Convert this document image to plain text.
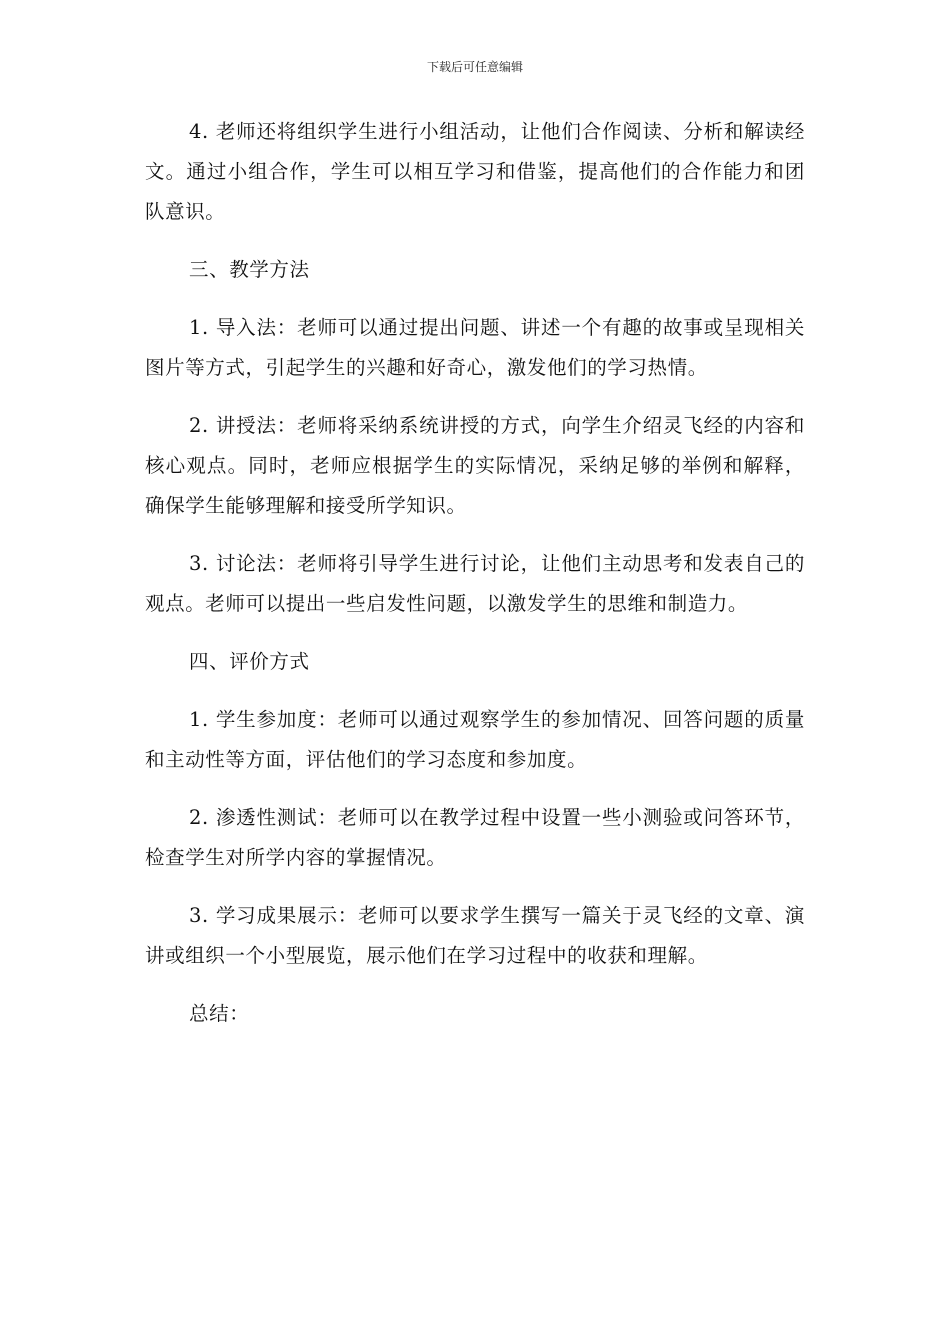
下载后可任意编辑

4. 老师还将组织学生进行小组活动，让他们合作阅读、分析和解读经文。通过小组合作，学生可以相互学习和借鉴，提高他们的合作能力和团队意识。

三、教学方法

1. 导入法：老师可以通过提出问题、讲述一个有趣的故事或呈现相关图片等方式，引起学生的兴趣和好奇心，激发他们的学习热情。

2. 讲授法：老师将采纳系统讲授的方式，向学生介绍灵飞经的内容和核心观点。同时，老师应根据学生的实际情况，采纳足够的举例和解释，确保学生能够理解和接受所学知识。

3. 讨论法：老师将引导学生进行讨论，让他们主动思考和发表自己的观点。老师可以提出一些启发性问题，以激发学生的思维和制造力。

四、评价方式

1. 学生参加度：老师可以通过观察学生的参加情况、回答问题的质量和主动性等方面，评估他们的学习态度和参加度。

2. 渗透性测试：老师可以在教学过程中设置一些小测验或问答环节，检查学生对所学内容的掌握情况。

3. 学习成果展示：老师可以要求学生撰写一篇关于灵飞经的文章、演讲或组织一个小型展览，展示他们在学习过程中的收获和理解。

总结：
